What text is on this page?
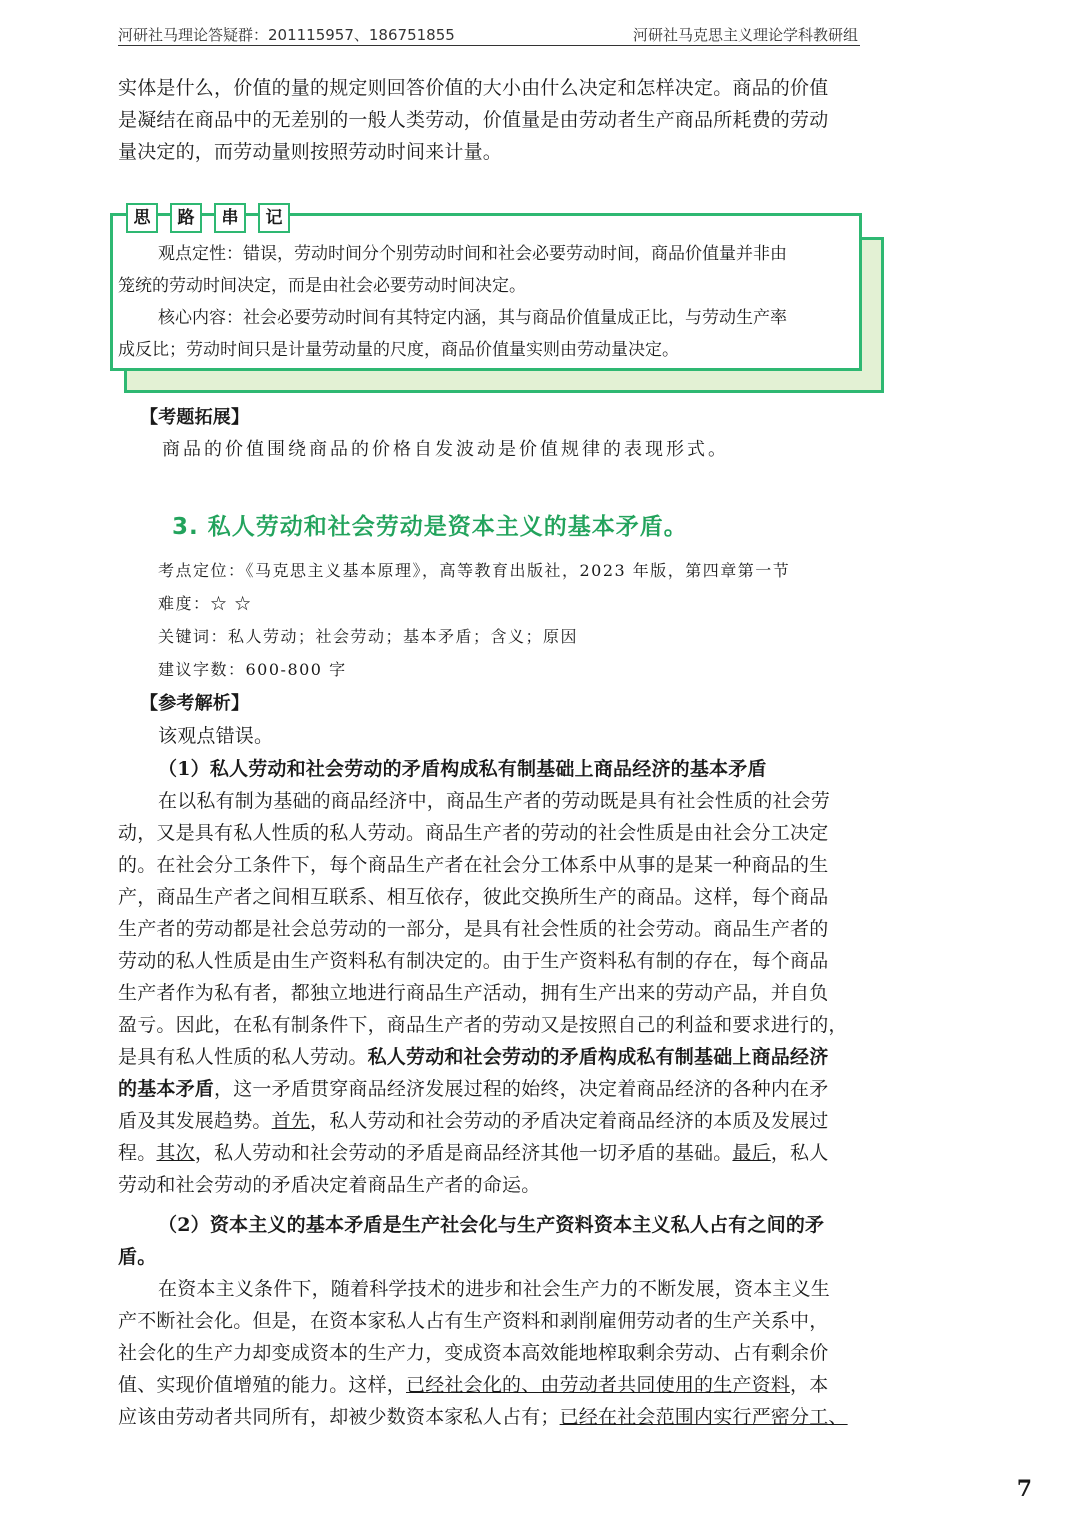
河研社马理论答疑群：201115957、186751855	河研社马克思主义理论学科教研组
实体是什么，价值的量的规定则回答价值的大小由什么决定和怎样决定。商品的价值
是凝结在商品中的无差别的一般人类劳动，价值量是由劳动者生产商品所耗费的劳动
量决定的，而劳动量则按照劳动时间来计量。
思	路	串	记
观点定性：错误，劳动时间分个别劳动时间和社会必要劳动时间，商品价值量并非由
笼统的劳动时间决定，而是由社会必要劳动时间决定。
核心内容：社会必要劳动时间有其特定内涵，其与商品价值量成正比，与劳动生产率
成反比；劳动时间只是计量劳动量的尺度，商品价值量实则由劳动量决定。
【考题拓展】
商品的价值围绕商品的价格自发波动是价值规律的表现形式。
3. 私人劳动和社会劳动是资本主义的基本矛盾。
考点定位：《马克思主义基本原理》，高等教育出版社，2023 年版，第四章第一节
难度：☆ ☆
关键词：私人劳动；社会劳动；基本矛盾；含义；原因
建议字数：600-800 字
【参考解析】
该观点错误。
（1）私人劳动和社会劳动的矛盾构成私有制基础上商品经济的基本矛盾
在以私有制为基础的商品经济中，商品生产者的劳动既是具有社会性质的社会劳
动，又是具有私人性质的私人劳动。商品生产者的劳动的社会性质是由社会分工决定
的。在社会分工条件下，每个商品生产者在社会分工体系中从事的是某一种商品的生
产，商品生产者之间相互联系、相互依存，彼此交换所生产的商品。这样，每个商品
生产者的劳动都是社会总劳动的一部分，是具有社会性质的社会劳动。商品生产者的
劳动的私人性质是由生产资料私有制决定的。由于生产资料私有制的存在，每个商品
生产者作为私有者，都独立地进行商品生产活动，拥有生产出来的劳动产品，并自负
盈亏。因此，在私有制条件下，商品生产者的劳动又是按照自己的利益和要求进行的，
是具有私人性质的私人劳动。私人劳动和社会劳动的矛盾构成私有制基础上商品经济
的基本矛盾，这一矛盾贯穿商品经济发展过程的始终，决定着商品经济的各种内在矛
盾及其发展趋势。首先，私人劳动和社会劳动的矛盾决定着商品经济的本质及发展过
程。其次，私人劳动和社会劳动的矛盾是商品经济其他一切矛盾的基础。最后，私人
劳动和社会劳动的矛盾决定着商品生产者的命运。
（2）资本主义的基本矛盾是生产社会化与生产资料资本主义私人占有之间的矛
盾。
在资本主义条件下，随着科学技术的进步和社会生产力的不断发展，资本主义生
产不断社会化。但是，在资本家私人占有生产资料和剥削雇佣劳动者的生产关系中，
社会化的生产力却变成资本的生产力，变成资本高效能地榨取剩余劳动、占有剩余价
值、实现价值增殖的能力。这样，已经社会化的、由劳动者共同使用的生产资料，本
应该由劳动者共同所有，却被少数资本家私人占有；已经在社会范围内实行严密分工、
7
